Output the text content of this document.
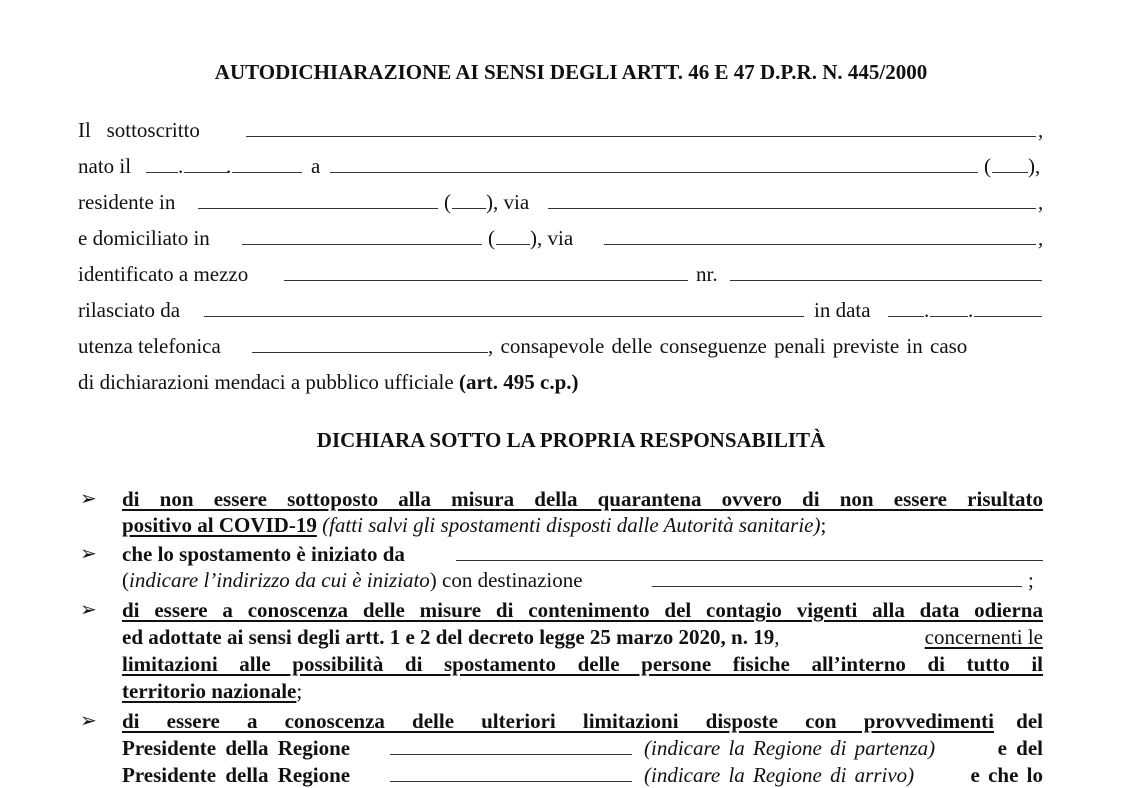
AUTODICHIARAZIONE AI SENSI DEGLI ARTT. 46 E 47 D.P.R. N. 445/2000
Il   sottoscritto	,
nato il . .	a	( ),
residente in	( ), via	,
e domiciliato in	( ), via	,
identificato a mezzo	nr.
rilasciato da	in data	. .
utenza telefonica	, consapevole delle conseguenze penali previste in caso
di dichiarazioni mendaci a pubblico ufficiale (art. 495 c.p.)
DICHIARA SOTTO LA PROPRIA RESPONSABILITÀ
➢ di non essere sottoposto alla misura della quarantena ovvero di non essere risultato
positivo al COVID-19 (fatti salvi gli spostamenti disposti dalle Autorità sanitarie);
➢ che lo spostamento è iniziato da
(indicare l’indirizzo da cui è iniziato) con destinazione	;
➢ di essere a conoscenza delle misure di contenimento del contagio vigenti alla data odierna
ed adottate ai sensi degli artt. 1 e 2 del decreto legge 25 marzo 2020, n. 19,	concernenti le
limitazioni alle possibilità di spostamento delle persone fisiche all’interno di tutto il
territorio nazionale;
➢ di essere a conoscenza delle ulteriori limitazioni disposte con provvedimenti del
Presidente della Regione	(indicare la Regione di partenza)	e del
Presidente della Regione	(indicare la Regione di arrivo)	e che lo
